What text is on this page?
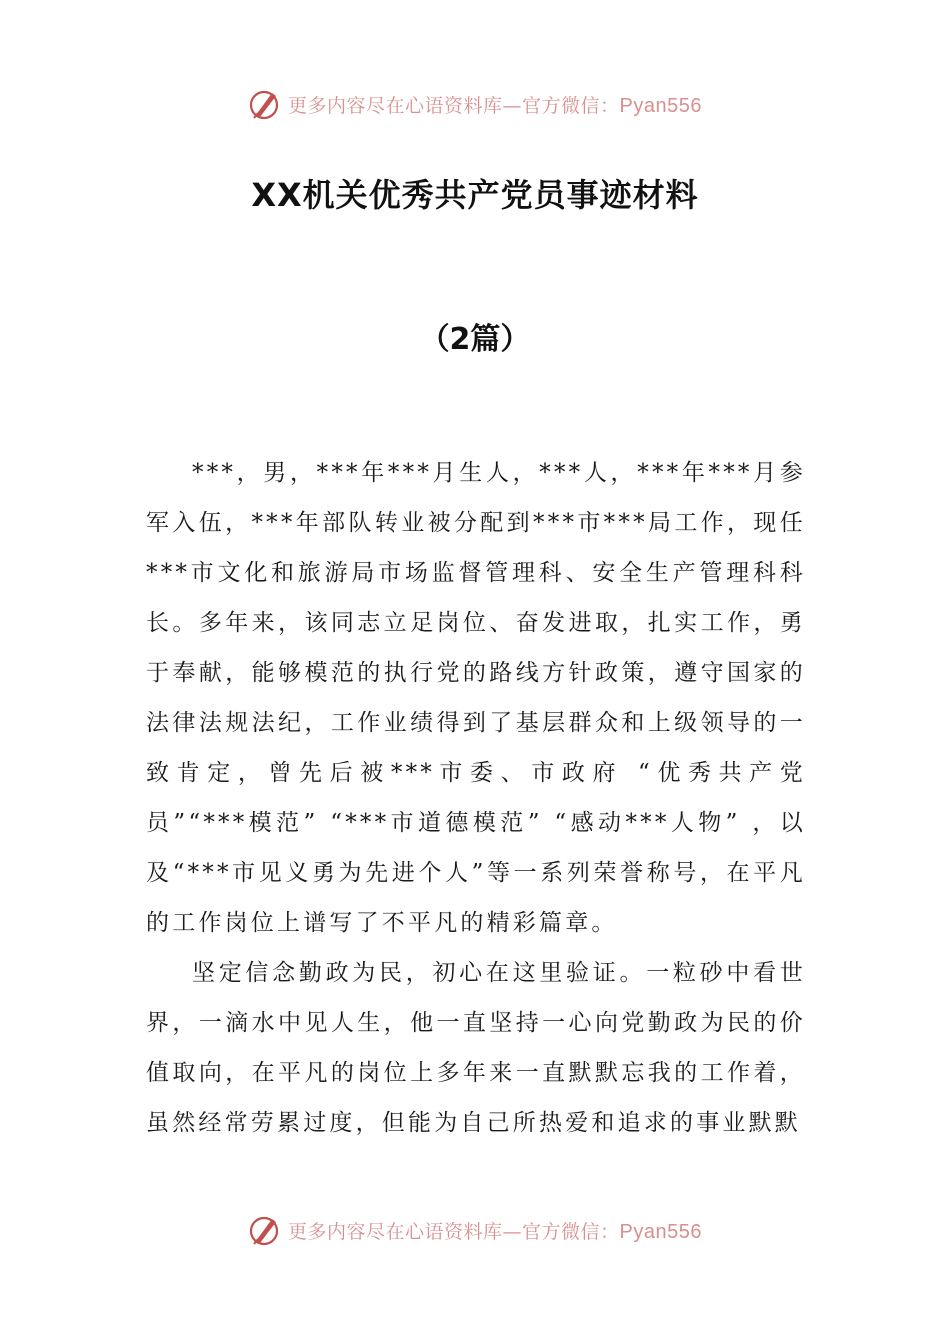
更多内容尽在心语资料库—官方微信：Pyan556
XX机关优秀共产党员事迹材料
（2篇）

***，男，***年***月生人，***人，***年***月参军入伍，***年部队转业被分配到***市***局工作，现任***市文化和旅游局市场监督管理科、安全生产管理科科长。多年来，该同志立足岗位、奋发进取，扎实工作，勇于奉献，能够模范的执行党的路线方针政策，遵守国家的法律法规法纪，工作业绩得到了基层群众和上级领导的一致肯定，曾先后被***市委、市政府 “优秀共产党员”“***模范” “***市道德模范” “感动***人物” ，以及“***市见义勇为先进个人”等一系列荣誉称号，在平凡的工作岗位上谱写了不平凡的精彩篇章。

坚定信念勤政为民，初心在这里验证。一粒砂中看世界，一滴水中见人生，他一直坚持一心向党勤政为民的价值取向，在平凡的岗位上多年来一直默默忘我的工作着，虽然经常劳累过度，但能为自己所热爱和追求的事业默默

更多内容尽在心语资料库—官方微信：Pyan556
